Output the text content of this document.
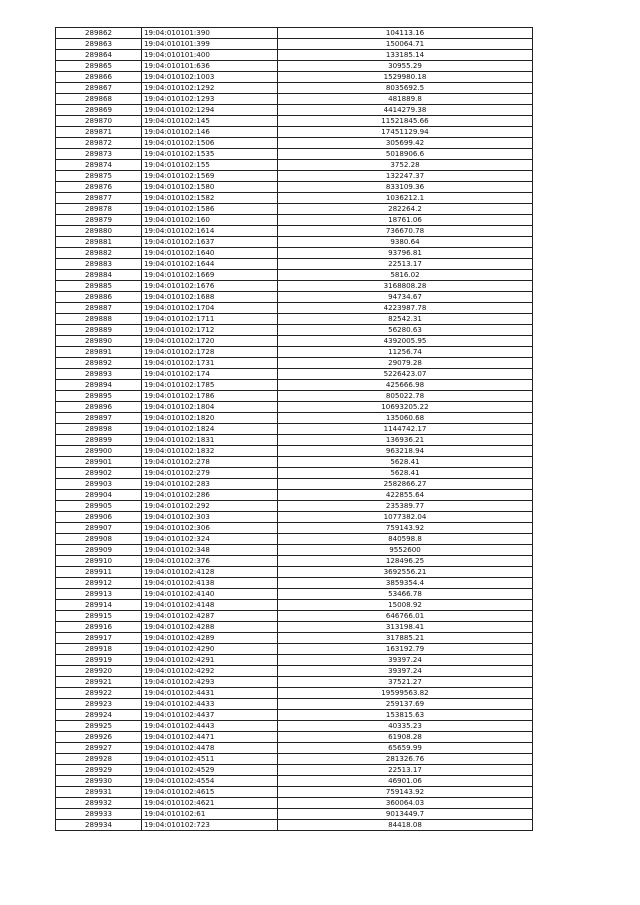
289862	19:04:010101:390	104113.16
289863	19:04:010101:399	150064.71
289864	19:04:010101:400	133185.14
289865	19:04:010101:636	30955.29
289866	19:04:010102:1003	1529980.18
289867	19:04:010102:1292	8035692.5
289868	19:04:010102:1293	481889.8
289869	19:04:010102:1294	4414279.38
289870	19:04:010102:145	11521845.66
289871	19:04:010102:146	17451129.94
289872	19:04:010102:1506	305699.42
289873	19:04:010102:1535	5018906.6
289874	19:04:010102:155	3752.28
289875	19:04:010102:1569	132247.37
289876	19:04:010102:1580	833109.36
289877	19:04:010102:1582	1036212.1
289878	19:04:010102:1586	282264.2
289879	19:04:010102:160	18761.06
289880	19:04:010102:1614	736670.78
289881	19:04:010102:1637	9380.64
289882	19:04:010102:1640	93796.81
289883	19:04:010102:1644	22513.17
289884	19:04:010102:1669	5816.02
289885	19:04:010102:1676	3168808.28
289886	19:04:010102:1688	94734.67
289887	19:04:010102:1704	4223987.78
289888	19:04:010102:1711	82542.31
289889	19:04:010102:1712	56280.63
289890	19:04:010102:1720	4392005.95
289891	19:04:010102:1728	11256.74
289892	19:04:010102:1731	29079.28
289893	19:04:010102:174	5226423.07
289894	19:04:010102:1785	425666.98
289895	19:04:010102:1786	805022.78
289896	19:04:010102:1804	10693205.22
289897	19:04:010102:1820	135060.68
289898	19:04:010102:1824	1144742.17
289899	19:04:010102:1831	136936.21
289900	19:04:010102:1832	963218.94
289901	19:04:010102:278	5628.41
289902	19:04:010102:279	5628.41
289903	19:04:010102:283	2582866.27
289904	19:04:010102:286	422855.64
289905	19:04:010102:292	235389.77
289906	19:04:010102:303	1077382.04
289907	19:04:010102:306	759143.92
289908	19:04:010102:324	840598.8
289909	19:04:010102:348	9552600
289910	19:04:010102:376	128496.25
289911	19:04:010102:4128	3692556.21
289912	19:04:010102:4138	3859354.4
289913	19:04:010102:4140	53466.78
289914	19:04:010102:4148	15008.92
289915	19:04:010102:4287	646766.01
289916	19:04:010102:4288	313198.41
289917	19:04:010102:4289	317885.21
289918	19:04:010102:4290	163192.79
289919	19:04:010102:4291	39397.24
289920	19:04:010102:4292	39397.24
289921	19:04:010102:4293	37521.27
289922	19:04:010102:4431	19599563.82
289923	19:04:010102:4433	259137.69
289924	19:04:010102:4437	153815.63
289925	19:04:010102:4443	40335.23
289926	19:04:010102:4471	61908.28
289927	19:04:010102:4478	65659.99
289928	19:04:010102:4511	281326.76
289929	19:04:010102:4529	22513.17
289930	19:04:010102:4554	46901.06
289931	19:04:010102:4615	759143.92
289932	19:04:010102:4621	360064.03
289933	19:04:010102:61	9013449.7
289934	19:04:010102:723	84418.08
